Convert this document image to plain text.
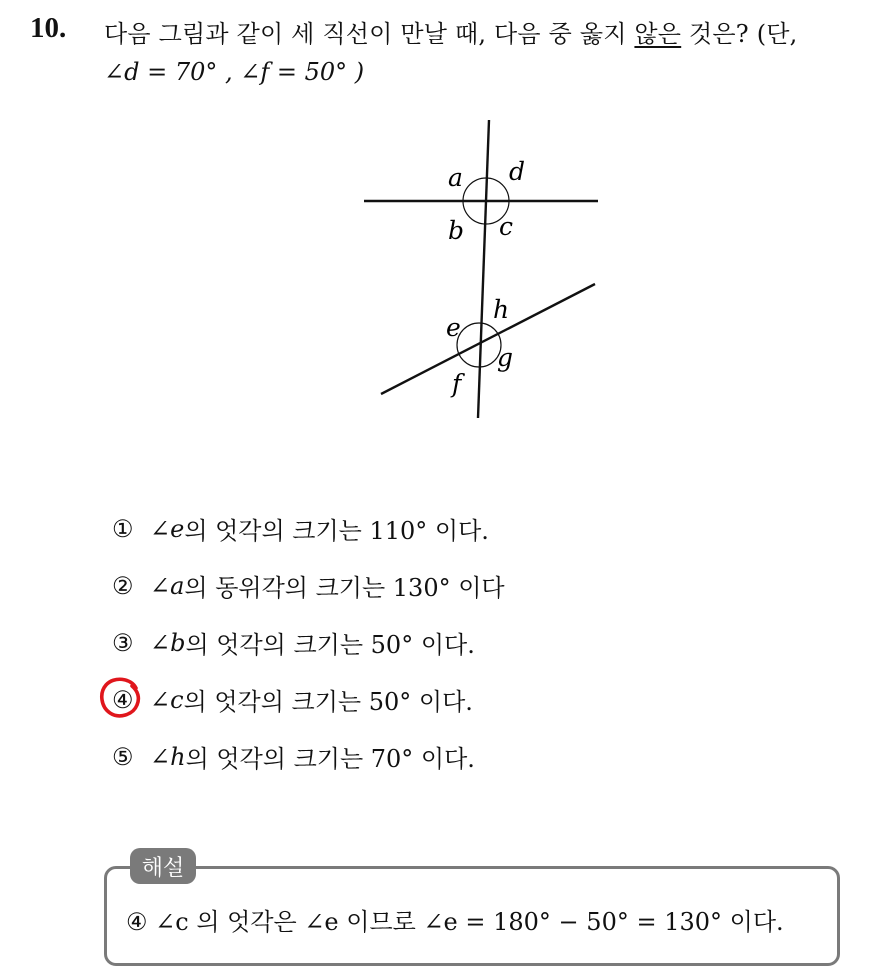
10. 다음 그림과 같이 세 직선이 만날 때, 다음 중 옳지 않은 것은? (단,
∠d = 70° , ∠f = 50° )
a d
b c
h
e
g
f
① ∠e 의 엇각의 크기는 110° 이다.
② ∠a 의 동위각의 크기는 130° 이다
③ ∠b 의 엇각의 크기는 50° 이다.
④ ∠c 의 엇각의 크기는 50° 이다.
⑤ ∠h 의 엇각의 크기는 70° 이다.
해설
④ ∠c 의 엇각은 ∠e 이므로 ∠e = 180° − 50° = 130° 이다.
